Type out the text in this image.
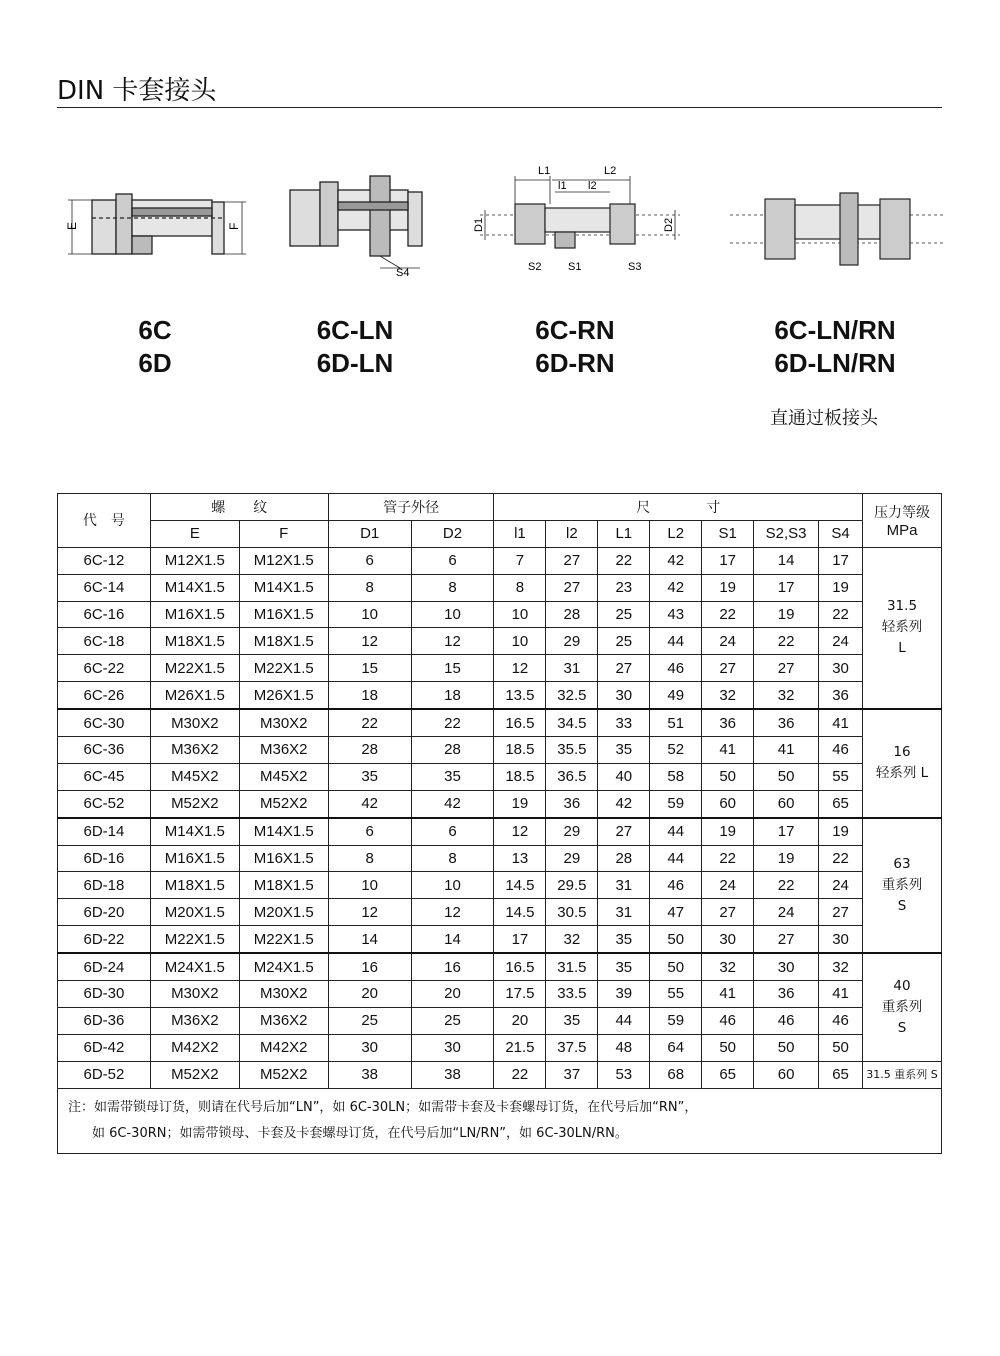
DIN 卡套接头
E	F
S4
L1	L2
l1 l2
D1	D2
S2 S1	S3
6C
6D
6C-LN
6D-LN
6C-RN
6D-RN
6C-LN/RN
6D-LN/RN
直通过板接头
代　号	螺　　纹		管子外径		尺　　　　寸							压力等级
MPa

	E	F	D1	D2	l1	l2	L1	L2	S1	S2,S3	S4	
6C-12	M12X1.5	M12X1.5	6	6	7	27	22	42	17	14	17	31.5
轻系列
L

6C-14	M14X1.5	M14X1.5	8	8	8	27	23	42	19	17	19	
6C-16	M16X1.5	M16X1.5	10	10	10	28	25	43	22	19	22	
6C-18	M18X1.5	M18X1.5	12	12	10	29	25	44	24	22	24	
6C-22	M22X1.5	M22X1.5	15	15	12	31	27	46	27	27	30	
6C-26	M26X1.5	M26X1.5	18	18	13.5	32.5	30	49	32	32	36	
6C-30	M30X2	M30X2	22	22	16.5	34.5	33	51	36	36	41	16
轻系列 L

6C-36	M36X2	M36X2	28	28	18.5	35.5	35	52	41	41	46	
6C-45	M45X2	M45X2	35	35	18.5	36.5	40	58	50	50	55	
6C-52	M52X2	M52X2	42	42	19	36	42	59	60	60	65	
6D-14	M14X1.5	M14X1.5	6	6	12	29	27	44	19	17	19	63
重系列
S

6D-16	M16X1.5	M16X1.5	8	8	13	29	28	44	22	19	22	
6D-18	M18X1.5	M18X1.5	10	10	14.5	29.5	31	46	24	22	24	
6D-20	M20X1.5	M20X1.5	12	12	14.5	30.5	31	47	27	24	27	
6D-22	M22X1.5	M22X1.5	14	14	17	32	35	50	30	27	30	
6D-24	M24X1.5	M24X1.5	16	16	16.5	31.5	35	50	32	30	32	40
重系列
S

6D-30	M30X2	M30X2	20	20	17.5	33.5	39	55	41	36	41	
6D-36	M36X2	M36X2	25	25	20	35	44	59	46	46	46	
6D-42	M42X2	M42X2	30	30	21.5	37.5	48	64	50	50	50	
6D-52	M52X2	M52X2	38	38	22	37	53	68	65	60	65	31.5 重系列 S

注：如需带锁母订货，则请在代号后加“LN”，如 6C-30LN；如需带卡套及卡套螺母订货，在代号后加“RN”，
如 6C-30RN；如需带锁母、卡套及卡套螺母订货，在代号后加“LN/RN”，如 6C-30LN/RN。												
